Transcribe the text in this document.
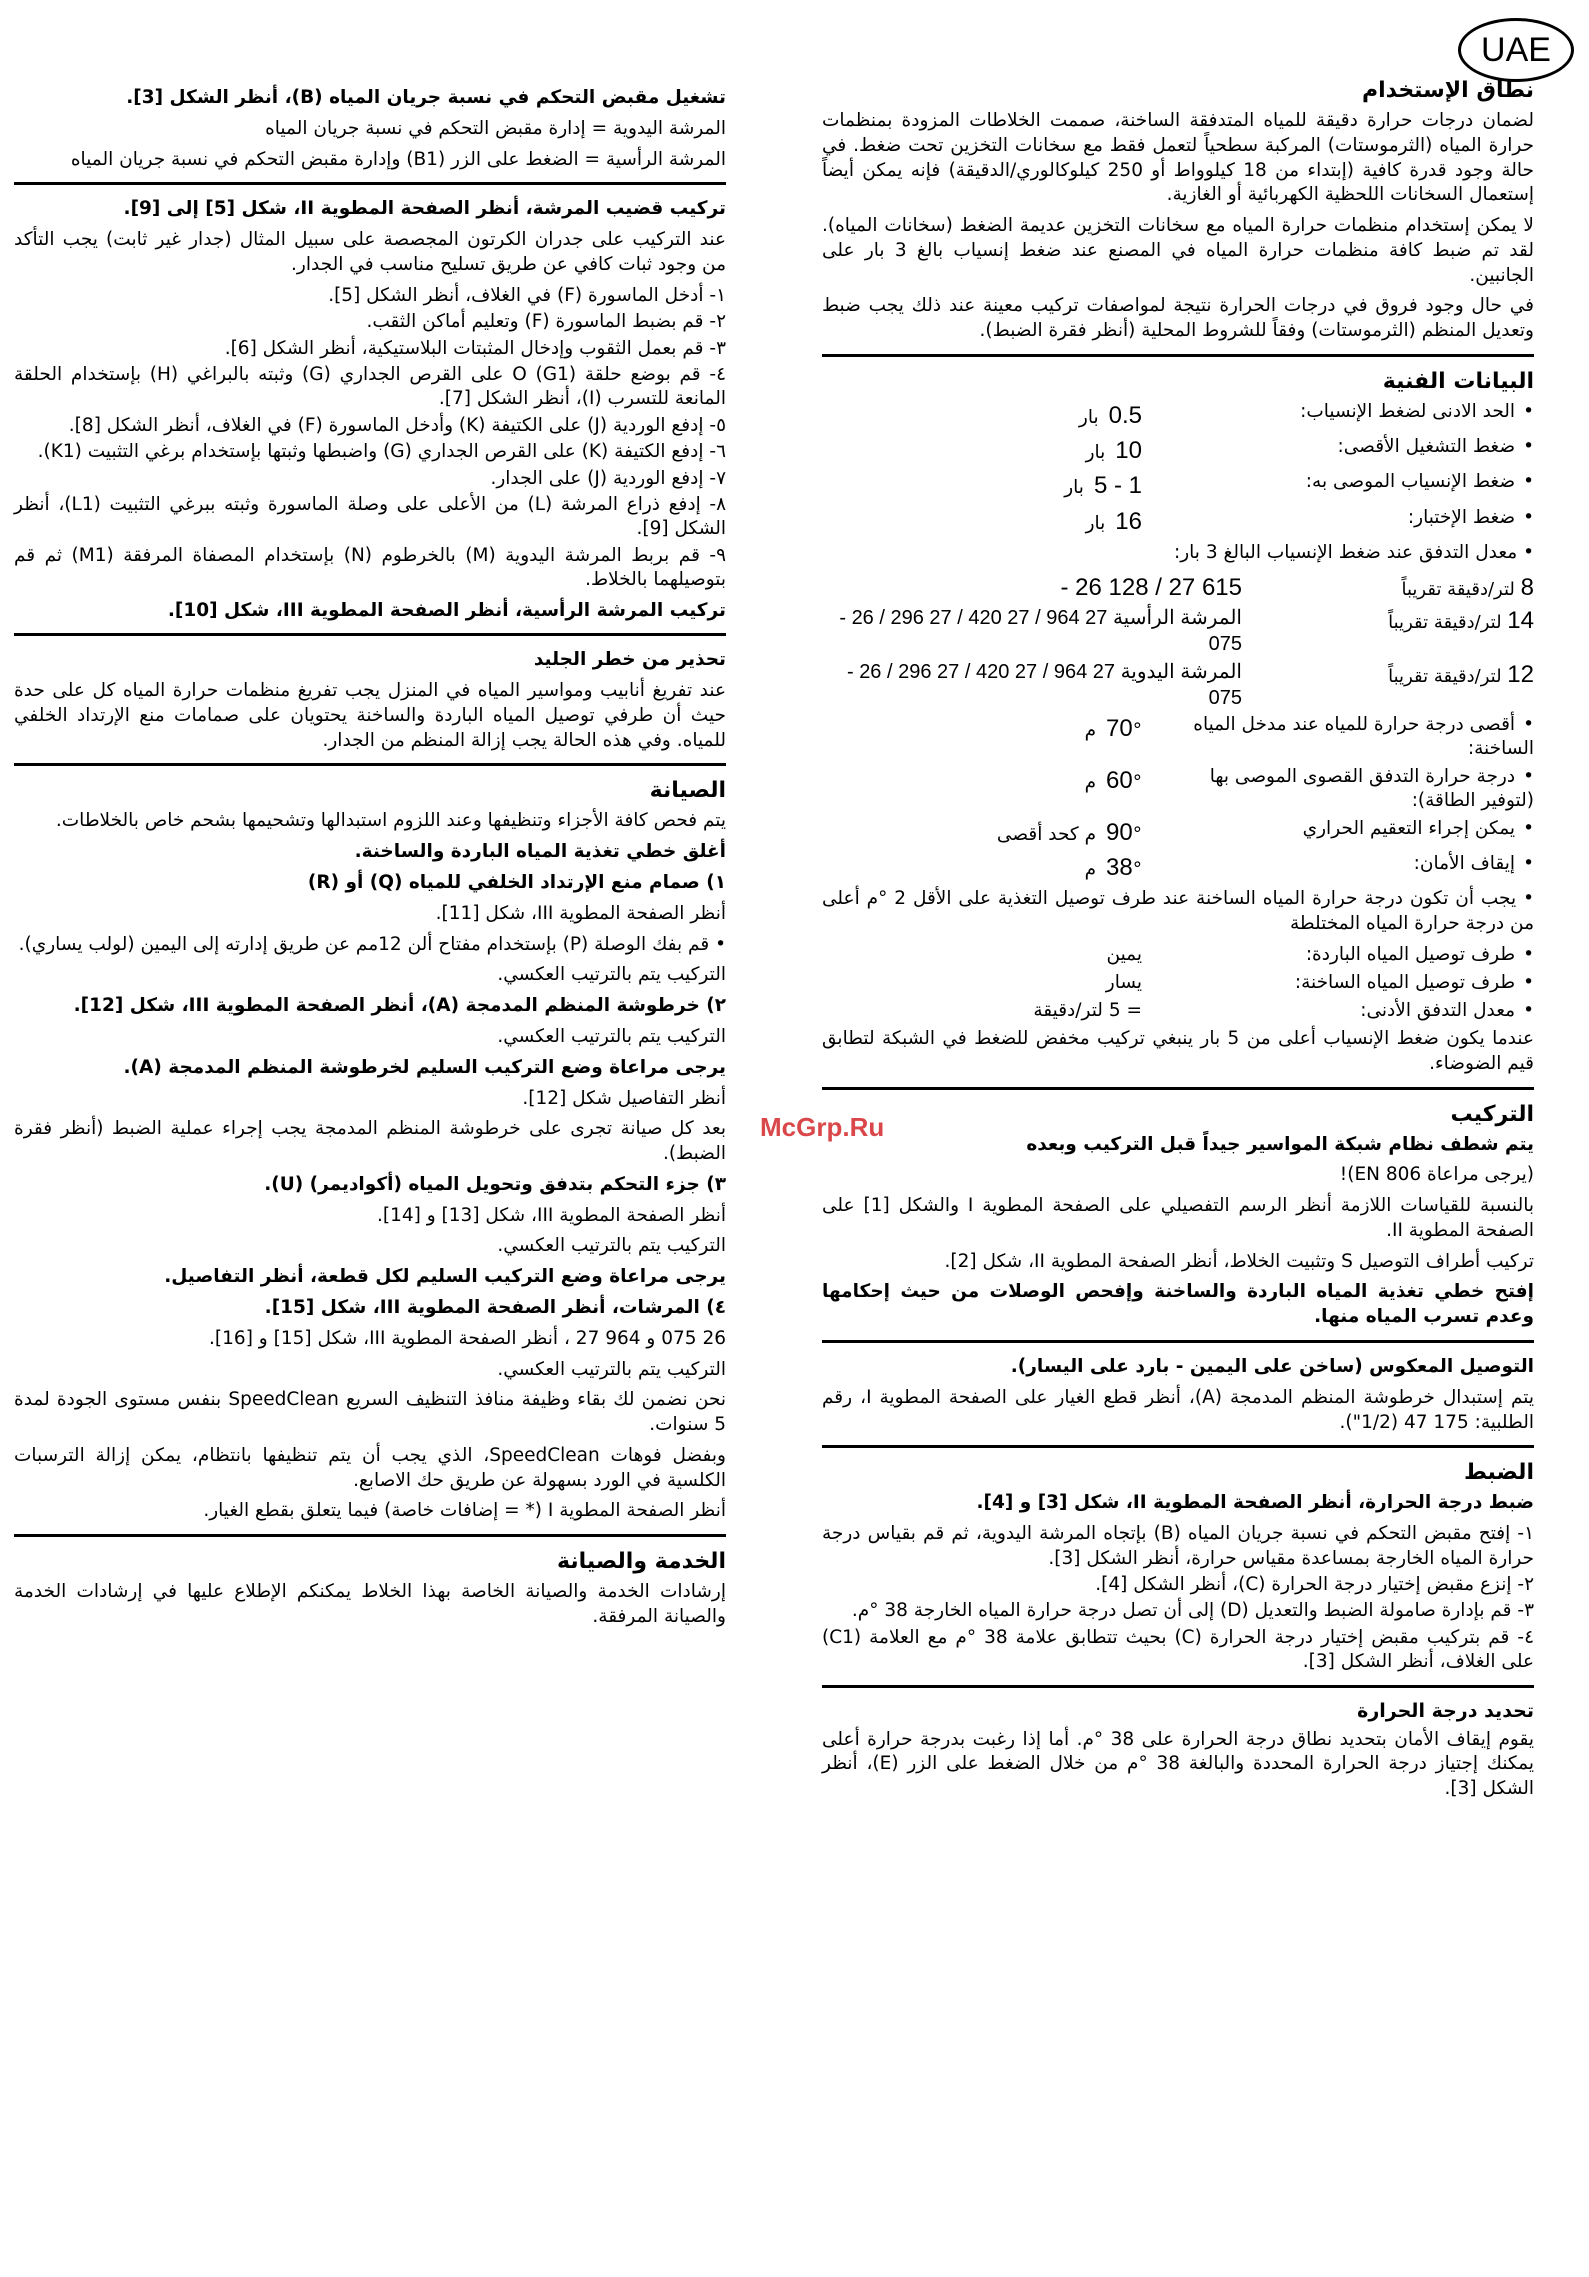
UAE
نطاق الإستخدام
لضمان درجات حرارة دقيقة للمياه المتدفقة الساخنة، صممت الخلاطات المزودة بمنظمات حرارة المياه (الثرموستات) المركبة سطحياً لتعمل فقط مع سخانات التخزين تحت ضغط. في حالة وجود قدرة كافية (إبتداء من 18 كيلوواط أو 250 كيلوكالوري/الدقيقة) فإنه يمكن أيضاً إستعمال السخانات اللحظية الكهربائية أو الغازية.
لا يمكن إستخدام منظمات حرارة المياه مع سخانات التخزين عديمة الضغط (سخانات المياه). لقد تم ضبط كافة منظمات حرارة المياه في المصنع عند ضغط إنسياب بالغ 3 بار على الجانبين.
في حال وجود فروق في درجات الحرارة نتيجة لمواصفات تركيب معينة عند ذلك يجب ضبط وتعديل المنظم (الثرموستات) وفقاً للشروط المحلية (أنظر فقرة الضبط).
البيانات الفنية
• الحد الادنى لضغط الإنسياب:
0.5بار
• ضغط التشغيل الأقصى:
10بار
• ضغط الإنسياب الموصى به:
1 - 5بار
• ضغط الإختبار:
16بار
• معدل التدفق عند ضغط الإنسياب البالغ 3 بار:
8 لتر/دقيقة تقريباً
- 26 128 / 27 615
14 لتر/دقيقة تقريباً
- المرشة الرأسية 27 964 / 27 420 / 27 296 / 26 075
12 لتر/دقيقة تقريباً
- المرشة اليدوية 27 964 / 27 420 / 27 296 / 26 075
• أقصى درجة حرارة للمياه عند مدخل المياه الساخنة:
70°م
• درجة حرارة التدفق القصوى الموصى بها (لتوفير الطاقة):
60°م
• يمكن إجراء التعقيم الحراري
90°م كحد أقصى
• إيقاف الأمان:
38°م
• يجب أن تكون درجة حرارة المياه الساخنة عند طرف توصيل التغذية على الأقل 2 °م أعلى من درجة حرارة المياه المختلطة
• طرف توصيل المياه الباردة:
يمين
• طرف توصيل المياه الساخنة:
يسار
• معدل التدفق الأدنى:
= 5 لتر/دقيقة
عندما يكون ضغط الإنسياب أعلى من 5 بار ينبغي تركيب مخفض للضغط في الشبكة لتطابق قيم الضوضاء.
التركيب
يتم شطف نظام شبكة المواسير جيداً قبل التركيب وبعده
(يرجى مراعاة EN 806)!
بالنسبة للقياسات اللازمة أنظر الرسم التفصيلي على الصفحة المطوية I والشكل [1] على الصفحة المطوية II.
تركيب أطراف التوصيل S وتثبيت الخلاط، أنظر الصفحة المطوية II، شكل [2].
إفتح خطي تغذية المياه الباردة والساخنة وإفحص الوصلات من حيث إحكامها وعدم تسرب المياه منها.
التوصيل المعكوس (ساخن على اليمين - بارد على اليسار).
يتم إستبدال خرطوشة المنظم المدمجة (A)، أنظر قطع الغيار على الصفحة المطوية I، رقم الطلبية: 175 47 (1/2").
الضبط
ضبط درجة الحرارة، أنظر الصفحة المطوية II، شكل [3] و [4].
١- إفتح مقبض التحكم في نسبة جريان المياه (B) بإتجاه المرشة اليدوية، ثم قم بقياس درجة حرارة المياه الخارجة بمساعدة مقياس حرارة، أنظر الشكل [3].
٢- إنزع مقبض إختيار درجة الحرارة (C)، أنظر الشكل [4].
٣- قم بإدارة صامولة الضبط والتعديل (D) إلى أن تصل درجة حرارة المياه الخارجة 38 °م.
٤- قم بتركيب مقبض إختيار درجة الحرارة (C) بحيث تتطابق علامة 38 °م مع العلامة (C1) على الغلاف، أنظر الشكل [3].
تحديد درجة الحرارة
يقوم إيقاف الأمان بتحديد نطاق درجة الحرارة على 38 °م. أما إذا رغبت بدرجة حرارة أعلى يمكنك إجتياز درجة الحرارة المحددة والبالغة 38 °م من خلال الضغط على الزر (E)، أنظر الشكل [3].
تشغيل مقبض التحكم في نسبة جريان المياه (B)، أنظر الشكل [3].
المرشة اليدوية = إدارة مقبض التحكم في نسبة جريان المياه
المرشة الرأسية = الضغط على الزر (B1) وإدارة مقبض التحكم في نسبة جريان المياه
تركيب قضيب المرشة، أنظر الصفحة المطوية II، شكل [5] إلى [9].
عند التركيب على جدران الكرتون المجصصة على سبيل المثال (جدار غير ثابت) يجب التأكد من وجود ثبات كافي عن طريق تسليح مناسب في الجدار.
١- أدخل الماسورة (F) في الغلاف، أنظر الشكل [5].
٢- قم بضبط الماسورة (F) وتعليم أماكن الثقب.
٣- قم بعمل الثقوب وإدخال المثبتات البلاستيكية، أنظر الشكل [6].
٤- قم بوضع حلقة O (G1) على القرص الجداري (G) وثبته بالبراغي (H) بإستخدام الحلقة المانعة للتسرب (I)، أنظر الشكل [7].
٥- إدفع الوردية (J) على الكتيفة (K) وأدخل الماسورة (F) في الغلاف، أنظر الشكل [8].
٦- إدفع الكتيفة (K) على القرص الجداري (G) واضبطها وثبتها بإستخدام برغي التثبيت (K1).
٧- إدفع الوردية (J) على الجدار.
٨- إدفع ذراع المرشة (L) من الأعلى على وصلة الماسورة وثبته ببرغي التثبيت (L1)، أنظر الشكل [9].
٩- قم بربط المرشة اليدوية (M) بالخرطوم (N) بإستخدام المصفاة المرفقة (M1) ثم قم بتوصيلهما بالخلاط.
تركيب المرشة الرأسية، أنظر الصفحة المطوية III، شكل [10].
تحذير من خطر الجليد
عند تفريغ أنابيب ومواسير المياه في المنزل يجب تفريغ منظمات حرارة المياه كل على حدة حيث أن طرفي توصيل المياه الباردة والساخنة يحتويان على صمامات منع الإرتداد الخلفي للمياه. وفي هذه الحالة يجب إزالة المنظم من الجدار.
الصيانة
يتم فحص كافة الأجزاء وتنظيفها وعند اللزوم استبدالها وتشحيمها بشحم خاص بالخلاطات.
أغلق خطي تغذية المياه الباردة والساخنة.
١) صمام منع الإرتداد الخلفي للمياه (Q) أو (R)
أنظر الصفحة المطوية III، شكل [11].
• قم بفك الوصلة (P) بإستخدام مفتاح ألن 12مم عن طريق إدارته إلى اليمين (لولب يساري).
التركيب يتم بالترتيب العكسي.
٢) خرطوشة المنظم المدمجة (A)، أنظر الصفحة المطوية III، شكل [12].
التركيب يتم بالترتيب العكسي.
يرجى مراعاة وضع التركيب السليم لخرطوشة المنظم المدمجة (A).
أنظر التفاصيل شكل [12].
بعد كل صيانة تجرى على خرطوشة المنظم المدمجة يجب إجراء عملية الضبط (أنظر فقرة الضبط).
٣) جزء التحكم بتدفق وتحويل المياه (أكواديمر) (U).
أنظر الصفحة المطوية III، شكل [13] و [14].
التركيب يتم بالترتيب العكسي.
يرجى مراعاة وضع التركيب السليم لكل قطعة، أنظر التفاصيل.
٤) المرشات، أنظر الصفحة المطوية III، شكل [15].
26 075 و 964 27 ، أنظر الصفحة المطوية III، شكل [15] و [16].
التركيب يتم بالترتيب العكسي.
نحن نضمن لك بقاء وظيفة منافذ التنظيف السريع SpeedClean بنفس مستوى الجودة لمدة 5 سنوات.
وبفضل فوهات SpeedClean، الذي يجب أن يتم تنظيفها بانتظام، يمكن إزالة الترسبات الكلسية في الورد بسهولة عن طريق حك الاصابع.
أنظر الصفحة المطوية I (* = إضافات خاصة) فيما يتعلق بقطع الغيار.
الخدمة والصيانة
إرشادات الخدمة والصيانة الخاصة بهذا الخلاط يمكنكم الإطلاع عليها في إرشادات الخدمة والصيانة المرفقة.
McGrp.Ru
